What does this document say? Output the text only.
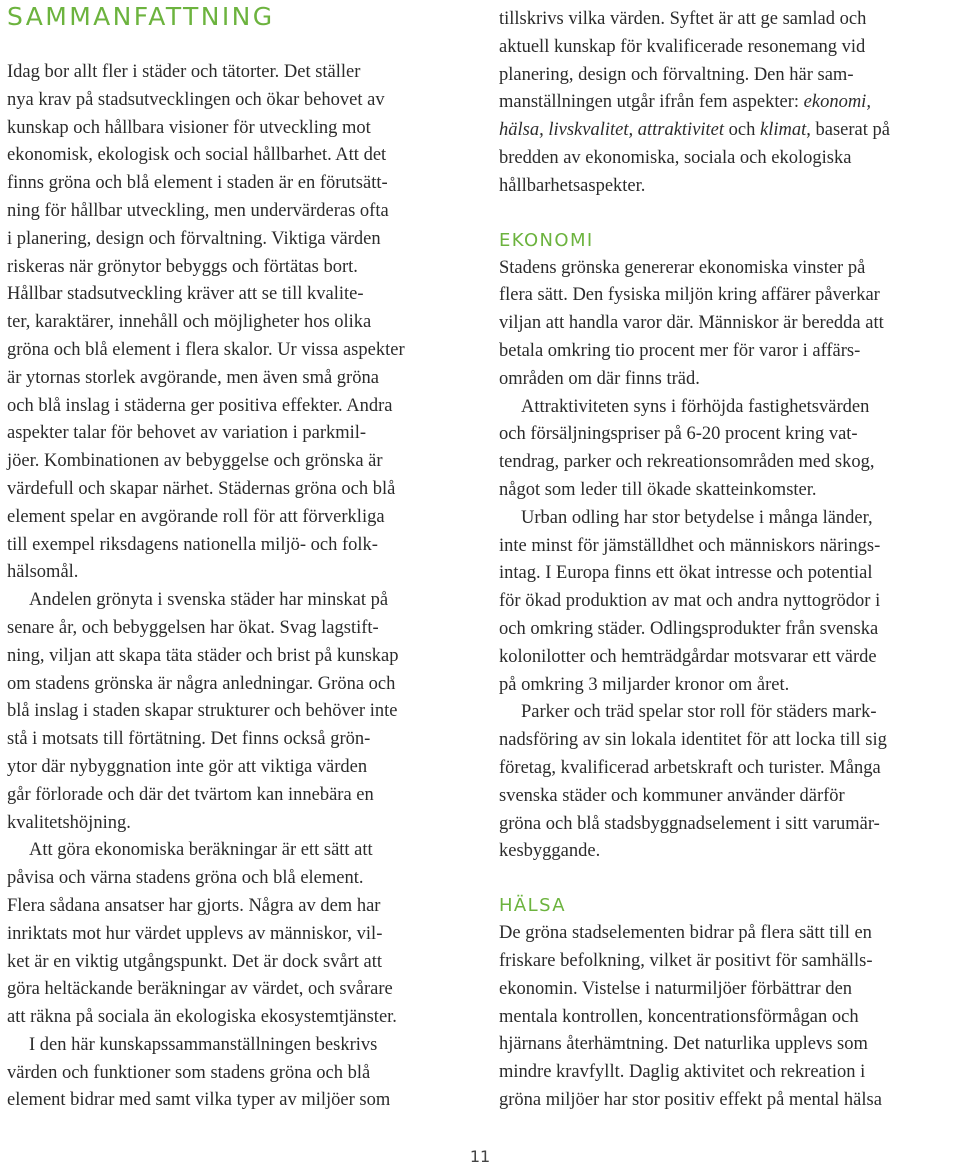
SAMMANFATTNING
Idag bor allt fler i städer och tätorter. Det ställer
nya krav på stadsutvecklingen och ökar behovet av
kunskap och hållbara visioner för utveckling mot
ekonomisk, ekologisk och social hållbarhet. Att det
finns gröna och blå element i staden är en förutsätt-
ning för hållbar utveckling, men undervärderas ofta
i planering, design och förvaltning. Viktiga värden
riskeras när grönytor bebyggs och förtätas bort.
Hållbar stadsutveckling kräver att se till kvalite-
ter, karaktärer, innehåll och möjligheter hos olika
gröna och blå element i flera skalor. Ur vissa aspekter
är ytornas storlek avgörande, men även små gröna
och blå inslag i städerna ger positiva effekter. Andra
aspekter talar för behovet av variation i parkmil-
jöer. Kombinationen av bebyggelse och grönska är
värdefull och skapar närhet. Städernas gröna och blå
element spelar en avgörande roll för att förverkliga
till exempel riksdagens nationella miljö- och folk-
hälsomål.
Andelen grönyta i svenska städer har minskat på
senare år, och bebyggelsen har ökat. Svag lagstift-
ning, viljan att skapa täta städer och brist på kunskap
om stadens grönska är några anledningar. Gröna och
blå inslag i staden skapar strukturer och behöver inte
stå i motsats till förtätning. Det finns också grön-
ytor där nybyggnation inte gör att viktiga värden
går förlorade och där det tvärtom kan innebära en
kvalitetshöjning.
Att göra ekonomiska beräkningar är ett sätt att
påvisa och värna stadens gröna och blå element.
Flera sådana ansatser har gjorts. Några av dem har
inriktats mot hur värdet upplevs av människor, vil-
ket är en viktig utgångspunkt. Det är dock svårt att
göra heltäckande beräkningar av värdet, och svårare
att räkna på sociala än ekologiska ekosystemtjänster.
I den här kunskapssammanställningen beskrivs
värden och funktioner som stadens gröna och blå
element bidrar med samt vilka typer av miljöer som
tillskrivs vilka värden. Syftet är att ge samlad och
aktuell kunskap för kvalificerade resonemang vid
planering, design och förvaltning. Den här sam-
manställningen utgår ifrån fem aspekter: ekonomi,
hälsa, livskvalitet, attraktivitet och klimat, baserat på
bredden av ekonomiska, sociala och ekologiska
hållbarhetsaspekter.
EKONOMI
Stadens grönska genererar ekonomiska vinster på
flera sätt. Den fysiska miljön kring affärer påverkar
viljan att handla varor där. Människor är beredda att
betala omkring tio procent mer för varor i affärs-
områden om där finns träd.
Attraktiviteten syns i förhöjda fastighetsvärden
och försäljningspriser på 6-20 procent kring vat-
tendrag, parker och rekreationsområden med skog,
något som leder till ökade skatteinkomster.
Urban odling har stor betydelse i många länder,
inte minst för jämställdhet och människors närings-
intag. I Europa finns ett ökat intresse och potential
för ökad produktion av mat och andra nyttogrödor i
och omkring städer. Odlingsprodukter från svenska
kolonilotter och hemträdgårdar motsvarar ett värde
på omkring 3 miljarder kronor om året.
Parker och träd spelar stor roll för städers mark-
nadsföring av sin lokala identitet för att locka till sig
företag, kvalificerad arbetskraft och turister. Många
svenska städer och kommuner använder därför
gröna och blå stadsbyggnadselement i sitt varumär-
kesbyggande.
HÄLSA
De gröna stadselementen bidrar på flera sätt till en
friskare befolkning, vilket är positivt för samhälls-
ekonomin. Vistelse i naturmiljöer förbättrar den
mentala kontrollen, koncentrationsförmågan och
hjärnans återhämtning. Det naturlika upplevs som
mindre kravfyllt. Daglig aktivitet och rekreation i
gröna miljöer har stor positiv effekt på mental hälsa
11
